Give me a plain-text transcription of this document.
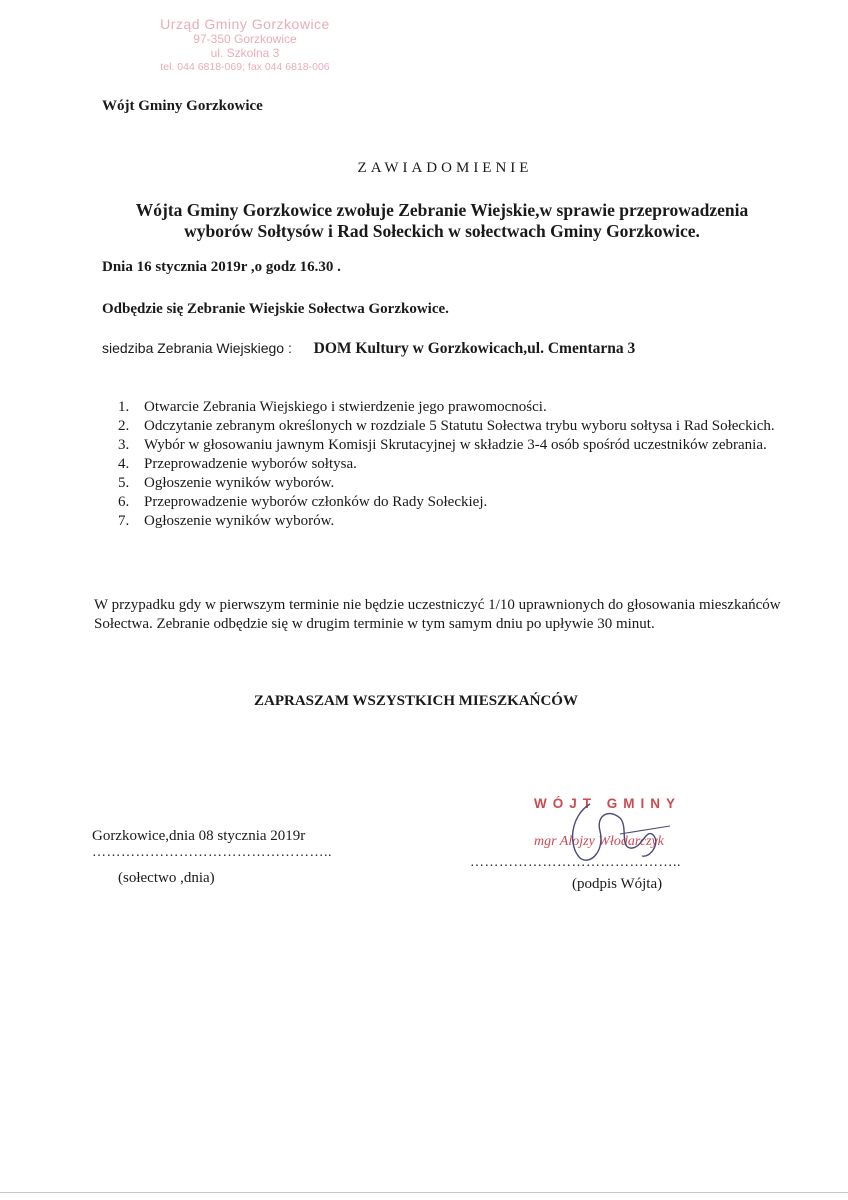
Urząd Gminy Gorzkowice
97-350 Gorzkowice
ul. Szkolna 3
tel. 044 6818-069; fax 044 6818-006
Wójt Gminy Gorzkowice
ZAWIADOMIENIE
Wójta Gminy Gorzkowice zwołuje Zebranie Wiejskie,w sprawie przeprowadzenia wyborów Sołtysów i Rad Sołeckich w sołectwach Gminy Gorzkowice.
Dnia 16 stycznia 2019r ,o godz 16.30 .
Odbędzie się Zebranie Wiejskie Sołectwa Gorzkowice.
siedziba Zebrania Wiejskiego : DOM Kultury w Gorzkowicach,ul. Cmentarna 3
1. Otwarcie Zebrania Wiejskiego i stwierdzenie jego prawomocności.
2. Odczytanie zebranym określonych w rozdziale 5 Statutu Sołectwa trybu wyboru sołtysa i Rad Sołeckich.
3. Wybór w głosowaniu jawnym Komisji Skrutacyjnej w składzie 3-4 osób spośród uczestników zebrania.
4. Przeprowadzenie wyborów sołtysa.
5. Ogłoszenie wyników wyborów.
6. Przeprowadzenie wyborów członków do Rady Sołeckiej.
7. Ogłoszenie wyników wyborów.
W przypadku gdy w pierwszym terminie nie będzie uczestniczyć 1/10 uprawnionych do głosowania mieszkańców Sołectwa. Zebranie odbędzie się w drugim terminie w tym samym dniu po upływie 30 minut.
ZAPRASZAM WSZYSTKICH MIESZKAŃCÓW
WÓJT GMINY
mgr Alojzy Włodarczyk
Gorzkowice,dnia 08 stycznia 2019r
…………………………………………..
(sołectwo ,dnia)
……………………………………..
(podpis Wójta)
